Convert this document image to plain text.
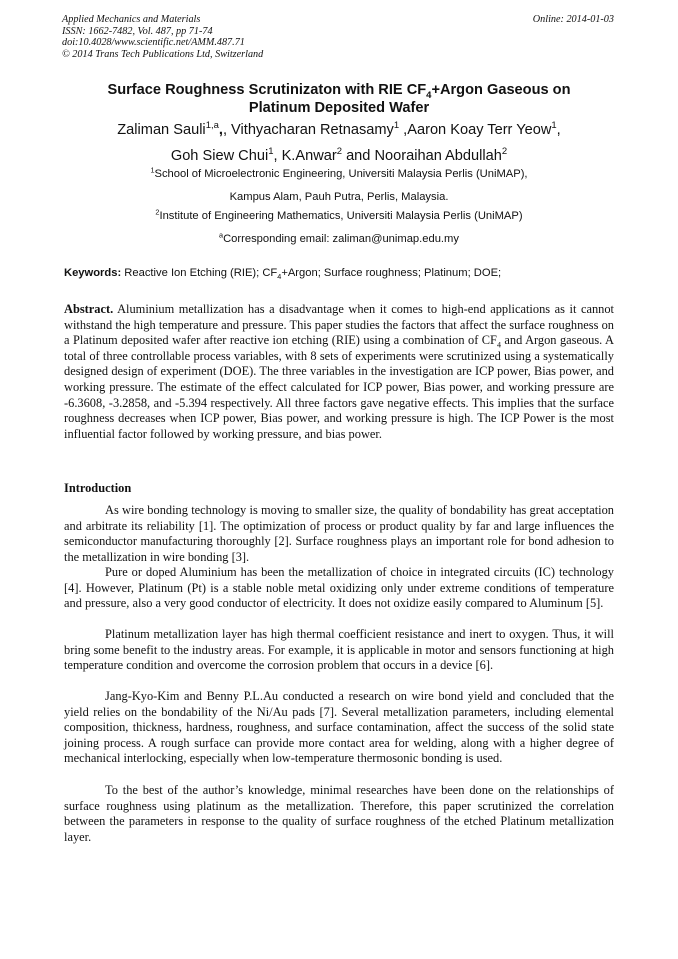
Applied Mechanics and Materials
ISSN: 1662-7482, Vol. 487, pp 71-74
doi:10.4028/www.scientific.net/AMM.487.71
© 2014 Trans Tech Publications Ltd, Switzerland
Online: 2014-01-03
Surface Roughness Scrutinizaton with RIE $CF_4+Argon$ Gaseous on
Platinum Deposited Wafer
Zaliman Sauli$^{1,a}$,, Vithyacharan Retnasamy$^1$ ,Aaron Koay Terr Yeow$^1$,
Goh Siew Chui$^1$, K.Anwar$^2$ and Nooraihan Abdullah$^2$
$^1$School of Microelectronic Engineering, Universiti Malaysia Perlis (UniMAP),
Kampus Alam, Pauh Putra, Perlis, Malaysia.
$^2$Institute of Engineering Mathematics, Universiti Malaysia Perlis (UniMAP)
$^a$Corresponding email: zaliman@unimap.edu.my
Keywords: Reactive Ion Etching (RIE); $CF_4+Argon$; Surface roughness; Platinum; DOE;

Abstract. Aluminium metallization has a disadvantage when it comes to high-end applications as it cannot withstand the high temperature and pressure. This paper studies the factors that affect the surface roughness on a Platinum deposited wafer after reactive ion etching (RIE) using a combination of $CF_4$ and Argon gaseous. A total of three controllable process variables, with 8 sets of experiments were scrutinized using a systematically designed design of experiment (DOE). The three variables in the investigation are ICP power, Bias power, and working pressure. The estimate of the effect calculated for ICP power, Bias power, and working pressure are -6.3608, -3.2858, and -5.394 respectively. All three factors gave negative effects. This implies that the surface roughness decreases when ICP power, Bias power, and working pressure is high. The ICP Power is the most influential factor followed by working pressure, and bias power.

Introduction

As wire bonding technology is moving to smaller size, the quality of bondability has great acceptation and arbitrate its reliability [1]. The optimization of process or product quality by far and large influences the semiconductor manufacturing thoroughly [2]. Surface roughness plays an important role for bond adhesion to the metallization in wire bonding [3].

Pure or doped Aluminium has been the metallization of choice in integrated circuits (IC) technology [4]. However, Platinum (Pt) is a stable noble metal oxidizing only under extreme conditions of temperature and pressure, also a very good conductor of electricity. It does not oxidize easily compared to Aluminum [5].

Platinum metallization layer has high thermal coefficient resistance and inert to oxygen. Thus, it will bring some benefit to the industry areas. For example, it is applicable in motor and sensors functioning at high temperature condition and overcome the corrosion problem that occurs in a device [6].

Jang-Kyo-Kim and Benny P.L.Au conducted a research on wire bond yield and concluded that the yield relies on the bondability of the Ni/Au pads [7]. Several metallization parameters, including elemental composition, thickness, hardness, roughness, and surface contamination, affect the success of the solid state joining process. A rough surface can provide more contact area for welding, along with a higher degree of mechanical interlocking, especially when low-temperature thermosonic bonding is used.

To the best of the author’s knowledge, minimal researches have been done on the relationships of surface roughness using platinum as the metallization. Therefore, this paper scrutinized the correlation between the parameters in response to the quality of surface roughness of the etched Platinum metallization layer.
